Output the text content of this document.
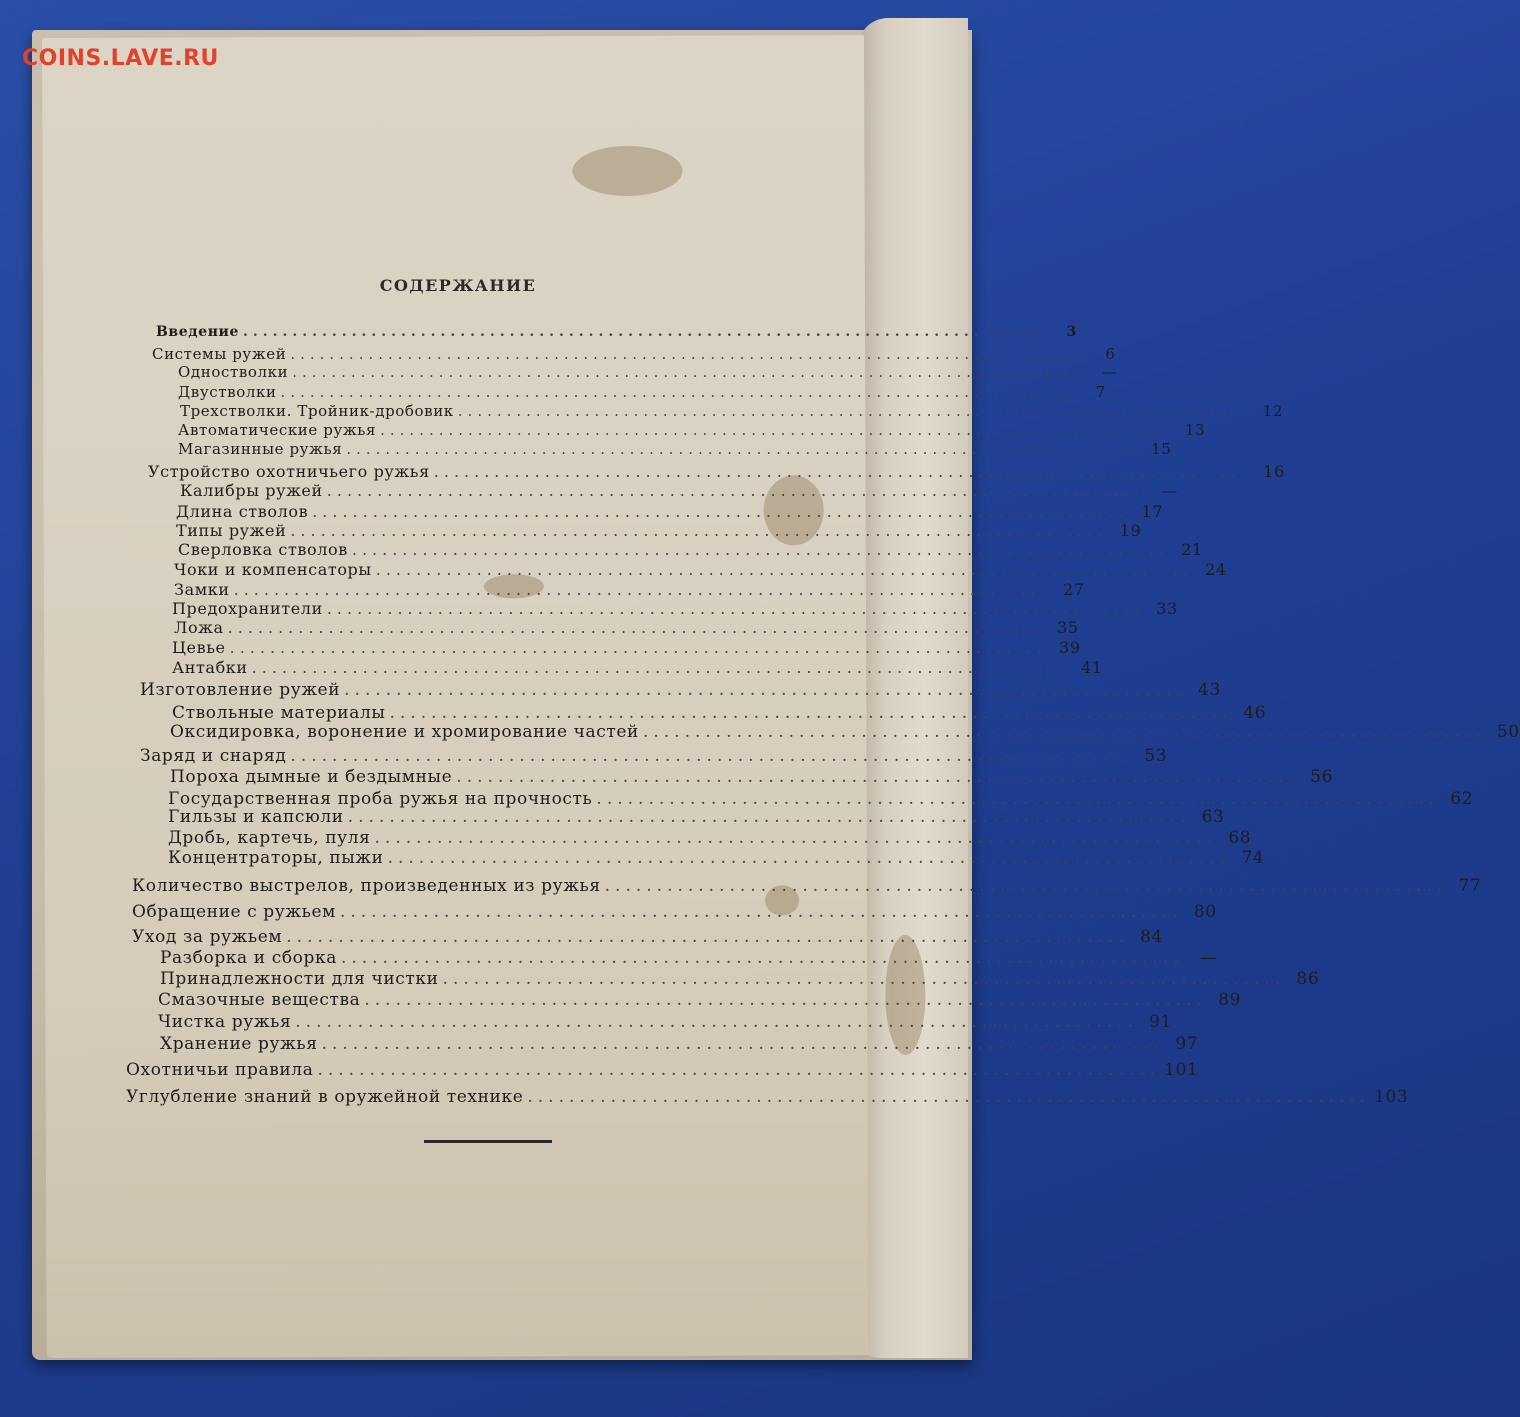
COINS.LAVE.RU
СОДЕРЖАНИЕ
Введение .................................................................................	3
Системы ружей .................................................................................	6
Одностволки .................................................................................	—
Двустволки .................................................................................	7
Трехстволки. Тройник-дробовик ................................................................................. 12
Автоматические ружья ................................................................................. 13
Магазинные ружья ................................................................................. 15
Устройство охотничьего ружья ................................................................................. 16
Калибры ружей .................................................................................	—
Длина стволов ................................................................................. 17
Типы ружей ................................................................................. 19
Сверловка стволов ................................................................................. 21
Чоки и компенсаторы ................................................................................. 24
Замки ................................................................................. 27
Предохранители ................................................................................. 33
Ложа ................................................................................. 35
Цевье ................................................................................. 39
Антабки ................................................................................. 41
Изготовление ружей ................................................................................. 43
Ствольные материалы ................................................................................. 46
Оксидировка, воронение и хромирование частей ................................................................................. 50
Заряд и снаряд ................................................................................. 53
Пороха дымные и бездымные ................................................................................. 56
Государственная проба ружья на прочность ................................................................................. 62
Гильзы и капсюли ................................................................................. 63
Дробь, картечь, пуля ................................................................................. 68
Концентраторы, пыжи ................................................................................. 74
Количество выстрелов, произведенных из ружья ................................................................................. 77
Обращение с ружьем ................................................................................. 80
Уход за ружьем ................................................................................. 84
Разборка и сборка ................................................................................. —
Принадлежности для чистки ................................................................................. 86
Смазочные вещества ................................................................................. 89
Чистка ружья ................................................................................. 91
Хранение ружья ................................................................................. 97
Охотничьи правила ................................................................................. 101
Углубление знаний в оружейной технике ................................................................................. 103
